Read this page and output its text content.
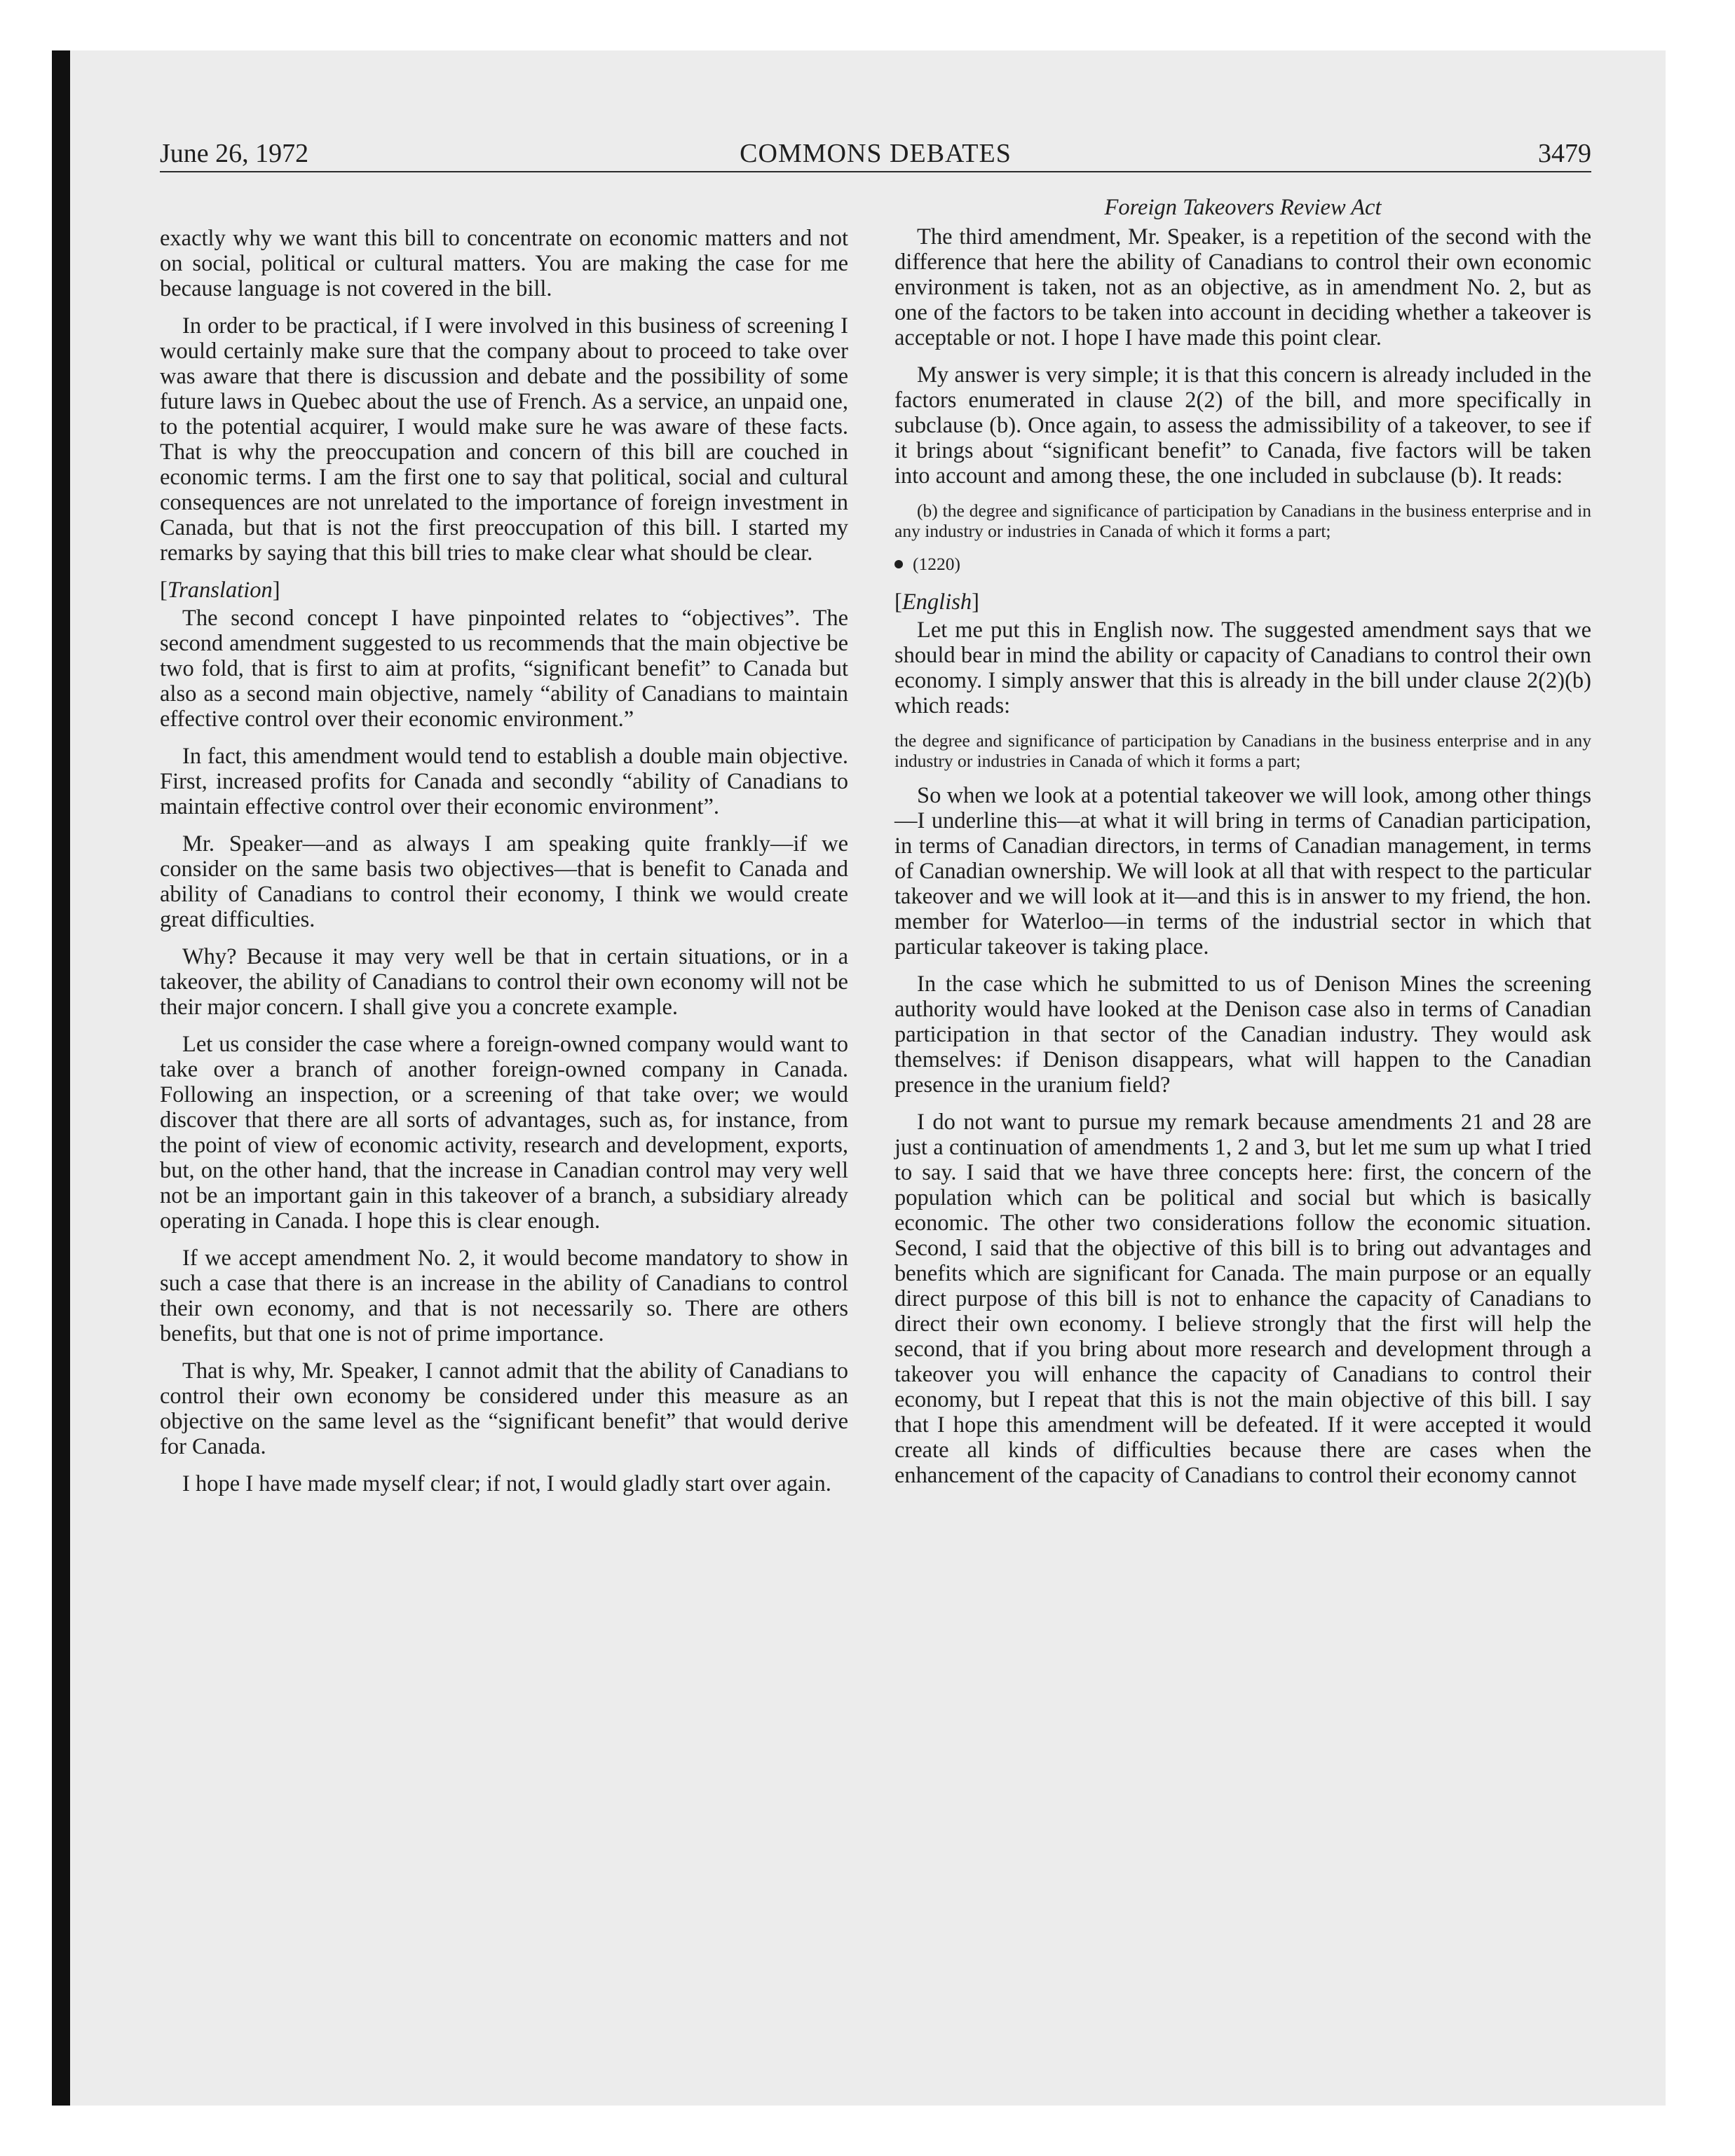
June 26, 1972	COMMONS DEBATES	3479

exactly why we want this bill to concentrate on economic matters and not on social, political or cultural matters. You are making the case for me because language is not covered in the bill.

In order to be practical, if I were involved in this business of screening I would certainly make sure that the company about to proceed to take over was aware that there is discussion and debate and the possibility of some future laws in Quebec about the use of French. As a service, an unpaid one, to the potential acquirer, I would make sure he was aware of these facts. That is why the preoccupation and concern of this bill are couched in economic terms. I am the first one to say that political, social and cultural consequences are not unrelated to the importance of foreign investment in Canada, but that is not the first preoccupation of this bill. I started my remarks by saying that this bill tries to make clear what should be clear.

[Translation]

The second concept I have pinpointed relates to “objectives”. The second amendment suggested to us recommends that the main objective be two fold, that is first to aim at profits, “significant benefit” to Canada but also as a second main objective, namely “ability of Canadians to maintain effective control over their economic environment.”

In fact, this amendment would tend to establish a double main objective. First, increased profits for Canada and secondly “ability of Canadians to maintain effective control over their economic environment”.

Mr. Speaker—and as always I am speaking quite frankly—if we consider on the same basis two objectives—that is benefit to Canada and ability of Canadians to control their economy, I think we would create great difficulties.

Why? Because it may very well be that in certain situations, or in a takeover, the ability of Canadians to control their own economy will not be their major concern. I shall give you a concrete example.

Let us consider the case where a foreign-owned company would want to take over a branch of another foreign-owned company in Canada. Following an inspection, or a screening of that take over; we would discover that there are all sorts of advantages, such as, for instance, from the point of view of economic activity, research and development, exports, but, on the other hand, that the increase in Canadian control may very well not be an important gain in this takeover of a branch, a subsidiary already operating in Canada. I hope this is clear enough.

If we accept amendment No. 2, it would become mandatory to show in such a case that there is an increase in the ability of Canadians to control their own economy, and that is not necessarily so. There are others benefits, but that one is not of prime importance.

That is why, Mr. Speaker, I cannot admit that the ability of Canadians to control their own economy be considered under this measure as an objective on the same level as the “significant benefit” that would derive for Canada.

I hope I have made myself clear; if not, I would gladly start over again.

Foreign Takeovers Review Act

The third amendment, Mr. Speaker, is a repetition of the second with the difference that here the ability of Canadians to control their own economic environment is taken, not as an objective, as in amendment No. 2, but as one of the factors to be taken into account in deciding whether a takeover is acceptable or not. I hope I have made this point clear.

My answer is very simple; it is that this concern is already included in the factors enumerated in clause 2(2) of the bill, and more specifically in subclause (b). Once again, to assess the admissibility of a takeover, to see if it brings about “significant benefit” to Canada, five factors will be taken into account and among these, the one included in subclause (b). It reads:

(b) the degree and significance of participation by Canadians in the business enterprise and in any industry or industries in Canada of which it forms a part;
(1220)
[English]

Let me put this in English now. The suggested amendment says that we should bear in mind the ability or capacity of Canadians to control their own economy. I simply answer that this is already in the bill under clause 2(2)(b) which reads:

the degree and significance of participation by Canadians in the business enterprise and in any industry or industries in Canada of which it forms a part;

So when we look at a potential takeover we will look, among other things—I underline this—at what it will bring in terms of Canadian participation, in terms of Canadian directors, in terms of Canadian management, in terms of Canadian ownership. We will look at all that with respect to the particular takeover and we will look at it—and this is in answer to my friend, the hon. member for Waterloo—in terms of the industrial sector in which that particular takeover is taking place.

In the case which he submitted to us of Denison Mines the screening authority would have looked at the Denison case also in terms of Canadian participation in that sector of the Canadian industry. They would ask themselves: if Denison disappears, what will happen to the Canadian presence in the uranium field?

I do not want to pursue my remark because amendments 21 and 28 are just a continuation of amendments 1, 2 and 3, but let me sum up what I tried to say. I said that we have three concepts here: first, the concern of the population which can be political and social but which is basically economic. The other two considerations follow the economic situation. Second, I said that the objective of this bill is to bring out advantages and benefits which are significant for Canada. The main purpose or an equally direct purpose of this bill is not to enhance the capacity of Canadians to direct their own economy. I believe strongly that the first will help the second, that if you bring about more research and development through a takeover you will enhance the capacity of Canadians to control their economy, but I repeat that this is not the main objective of this bill. I say that I hope this amendment will be defeated. If it were accepted it would create all kinds of difficulties because there are cases when the enhancement of the capacity of Canadians to control their economy cannot
